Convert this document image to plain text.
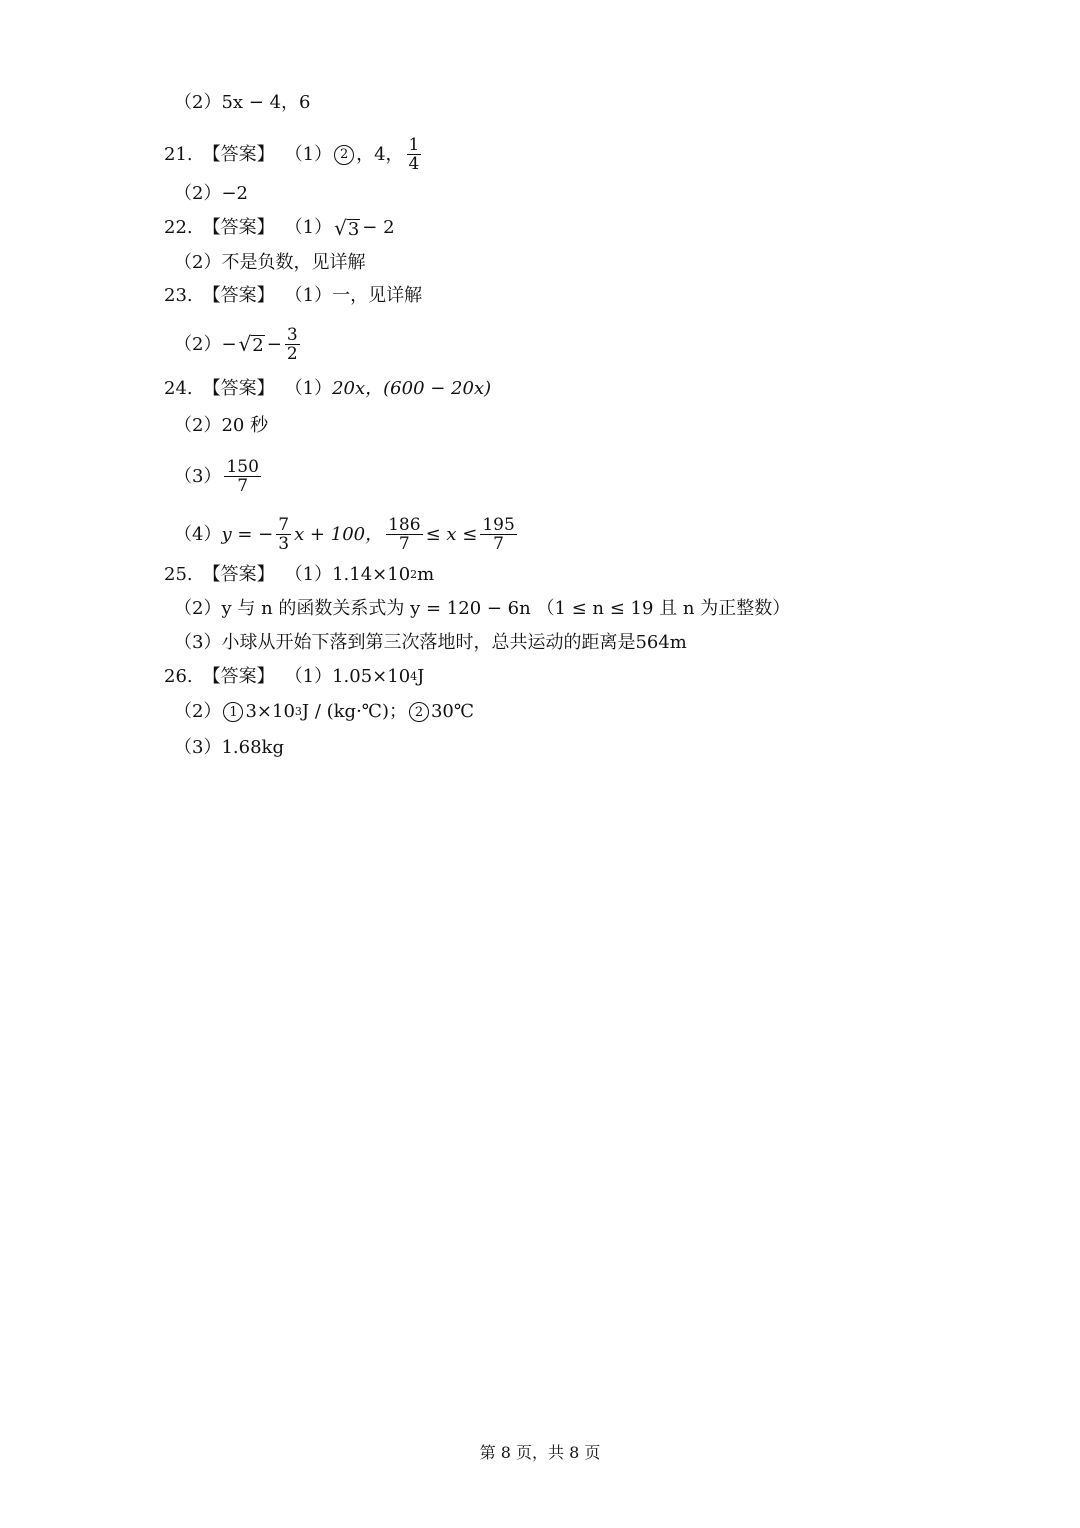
（2） 5x − 4，6
21. 【答案】 （1） 2 ，4， $\frac{1}{4}$
（2） −2
22. 【答案】 （1） √ 3 − 2
（2） 不是负数，见详解
23. 【答案】 （1） 一，见详解
（2） − √ $2 - \frac{3}{2}$
24. 【答案】 （1） 20x，(600 − 20x)
（2） 20 秒
$(3) \frac{150}{7}$
（4） y = − $\frac{7}{3}$ x + 100， $\frac{186}{7} \le x \le \frac{195}{7}$
25. 【答案】 （1） 1.14×10 2 m
（2） y 与 n 的函数关系式为 y = 120 − 6n （1 ≤ n ≤ 19 且 n 为正整数）
（3） 小球从开始下落到第三次落地时，总共运动的距离是564m
26. 【答案】 （1） 1.05×10 4 J
（2） 1 3×10 3 J / (kg·℃)； 2 30℃
（3） 1.68kg
第 8 页，共 8 页
